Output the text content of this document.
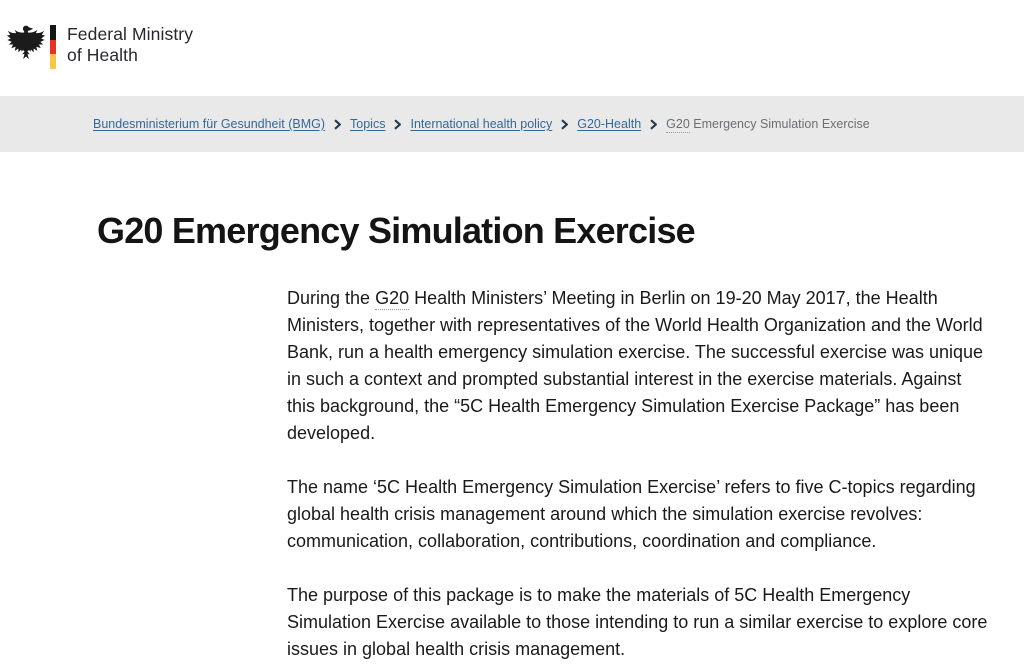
Federal Ministry
of Health
Bundesministerium für Gesundheit (BMG) Topics International health policy G20-Health G20 Emergency Simulation Exercise
G20 Emergency Simulation Exercise

During the G20 Health Ministers’ Meeting in Berlin on 19-20 May 2017, the Health Ministers, together with representatives of the World Health Organization and the World Bank, run a health emergency simulation exercise. The successful exercise was unique in such a context and prompted substantial interest in the exercise materials. Against this background, the “5C Health Emergency Simulation Exercise Package” has been developed.

The name ‘5C Health Emergency Simulation Exercise’ refers to five C-topics regarding global health crisis management around which the simulation exercise revolves: communication, collaboration, contributions, coordination and compliance.

The purpose of this package is to make the materials of 5C Health Emergency Simulation Exercise available to those intending to run a similar exercise to explore core issues in global health crisis management.
